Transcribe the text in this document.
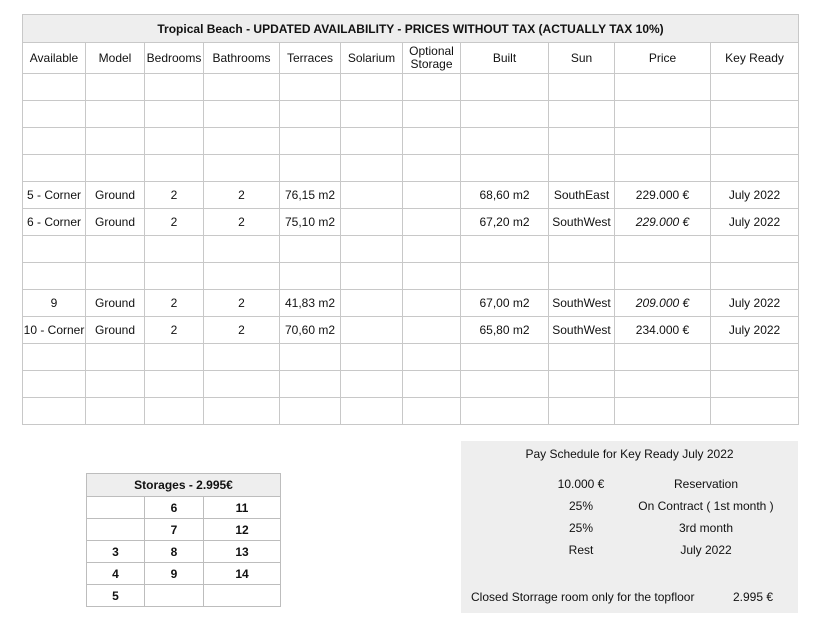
Tropical Beach - UPDATED AVAILABILITY - PRICES WITHOUT TAX (ACTUALLY TAX 10%)										
Available	Model	Bedrooms	Bathrooms	Terraces	Solarium	Optional Storage	Built	Sun	Price	Key Ready

5 - Corner	Ground	2	2	76,15 m2			68,60 m2	SouthEast	229.000 €	July 2022
6 - Corner	Ground	2	2	75,10 m2			67,20 m2	SouthWest	229.000 €	July 2022

9	Ground	2	2	41,83 m2			67,00 m2	SouthWest	209.000 €	July 2022
10 - Corner	Ground	2	2	70,60 m2			65,80 m2	SouthWest	234.000 €	July 2022

Pay Schedule for Key Ready July 2022
10.000 €	Reservation
25%	On Contract ( 1st month )
25%	3rd month
Rest	July 2022
Closed Storrage room only for the topfloor	2.995 €
Storages - 2.995€		
	6	11
	7	12
3	8	13
4	9	14
5		
